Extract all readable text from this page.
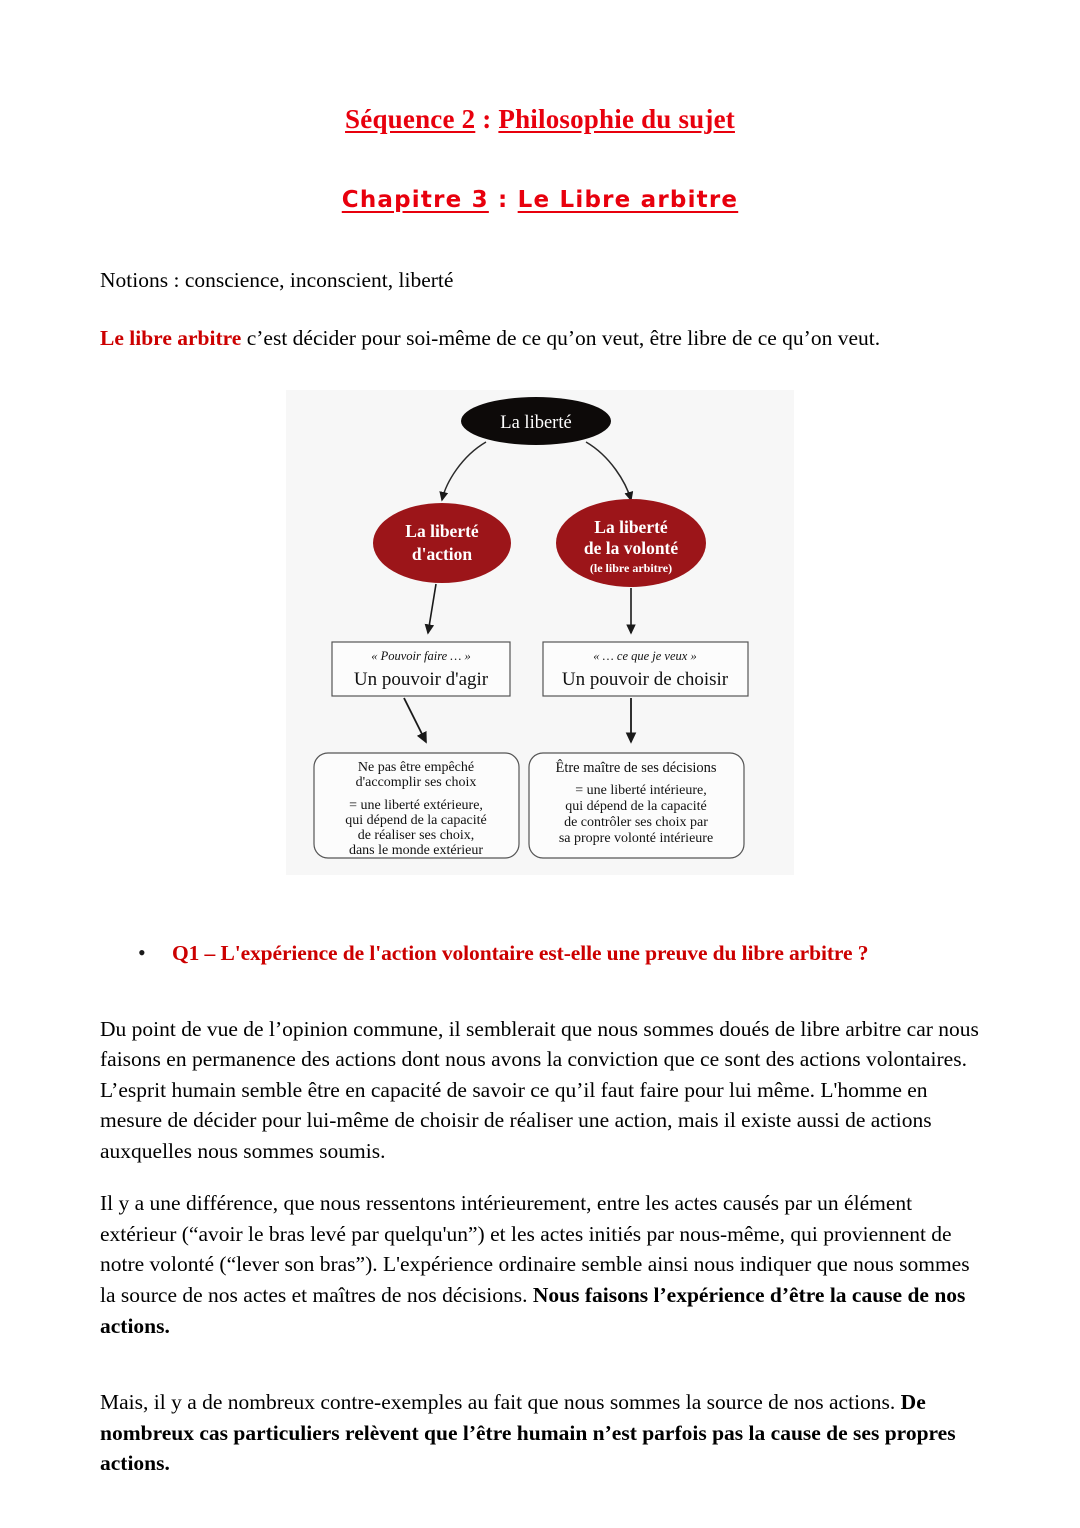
Séquence 2 : Philosophie du sujet
Chapitre 3 : Le Libre arbitre

Notions : conscience, inconscient, liberté

Le libre arbitre c’est décider pour soi-même de ce qu’on veut, être libre de ce qu’on veut.

La liberté
La liberté
d'action
La liberté
de la volonté
(le libre arbitre)
« Pouvoir faire … »
Un pouvoir d'agir
« … ce que je veux »
Un pouvoir de choisir
Ne pas être empêché
d'accomplir ses choix
= une liberté extérieure,
qui dépend de la capacité
de réaliser ses choix,
dans le monde extérieur
Être maître de ses décisions
= une liberté intérieure,
qui dépend de la capacité
de contrôler ses choix par
sa propre volonté intérieure
•	Q1 – L'expérience de l'action volontaire est-elle une preuve du libre arbitre ?

Du point de vue de l’opinion commune, il semblerait que nous sommes doués de libre arbitre car nous faisons en permanence des actions dont nous avons la conviction que ce sont des actions volontaires. L’esprit humain semble être en capacité de savoir ce qu’il faut faire pour lui même. L'homme en mesure de décider pour lui-même de choisir de réaliser une action, mais il existe aussi de actions auxquelles nous sommes soumis.

Il y a une différence, que nous ressentons intérieurement, entre les actes causés par un élément extérieur (“avoir le bras levé par quelqu'un”) et les actes initiés par nous-même, qui proviennent de notre volonté (“lever son bras”). L'expérience ordinaire semble ainsi nous indiquer que nous sommes la source de nos actes et maîtres de nos décisions. Nous faisons l’expérience d’être la cause de nos actions.

Mais, il y a de nombreux contre-exemples au fait que nous sommes la source de nos actions. De nombreux cas particuliers relèvent que l’être humain n’est parfois pas la cause de ses propres actions.
